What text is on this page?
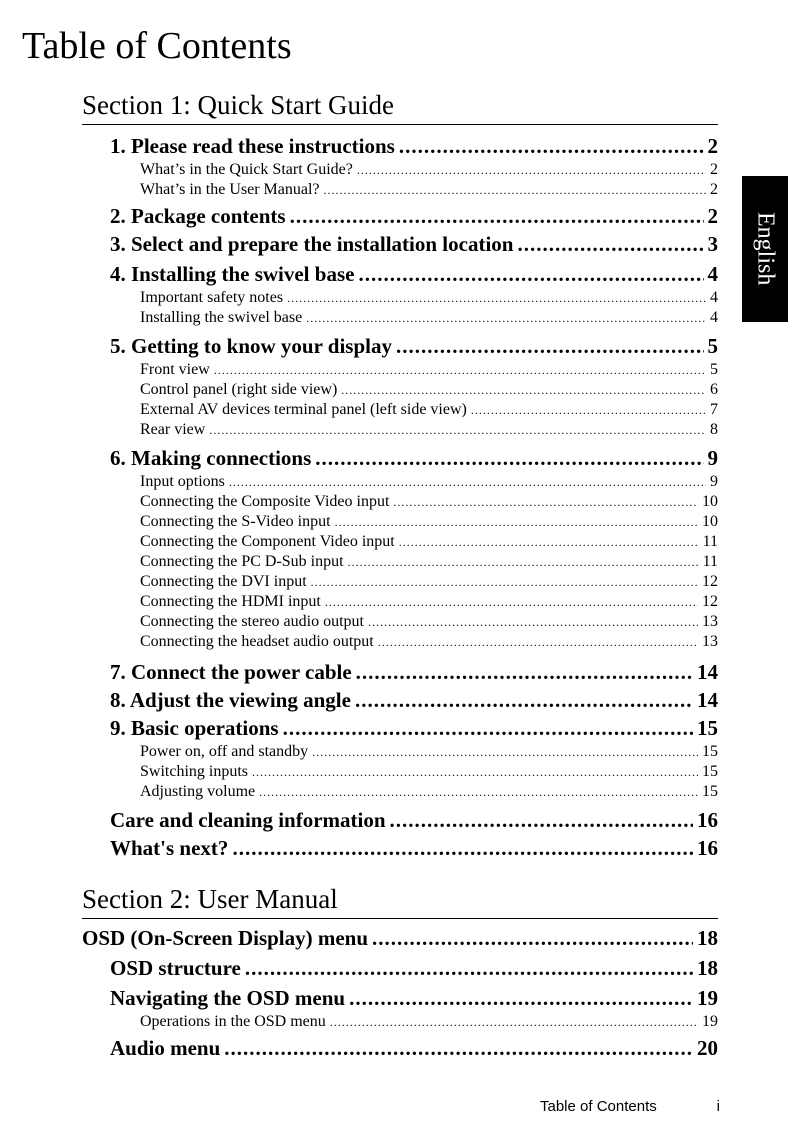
Table of Contents
English
Section 1: Quick Start Guide
1. Please read these instructions .....	2
What’s in the Quick Start Guide? .....	2
What’s in the User Manual? .....	2
2. Package contents .....	2
3. Select and prepare the installation location .....	3
4. Installing the swivel base .....	4
Important safety notes .....	4
Installing the swivel base .....	4
5. Getting to know your display .....	5
Front view .....	5
Control panel (right side view) .....	6
External AV devices terminal panel (left side view) .....	7
Rear view .....	8
6. Making connections .....	9
Input options .....	9
Connecting the Composite Video input .....	10
Connecting the S-Video input .....	10
Connecting the Component Video input .....	11
Connecting the PC D-Sub input .....	11
Connecting the DVI input .....	12
Connecting the HDMI input .....	12
Connecting the stereo audio output .....	13
Connecting the headset audio output .....	13
7. Connect the power cable .....	14
8. Adjust the viewing angle .....	14
9. Basic operations .....	15
Power on, off and standby .....	15
Switching inputs .....	15
Adjusting volume .....	15
Care and cleaning information .....	16
What's next? .....	16
Section 2: User Manual
OSD (On-Screen Display) menu .....	18
OSD structure .....	18
Navigating the OSD menu .....	19
Operations in the OSD menu .....	19
Audio menu .....	20
Table of Contents	i
